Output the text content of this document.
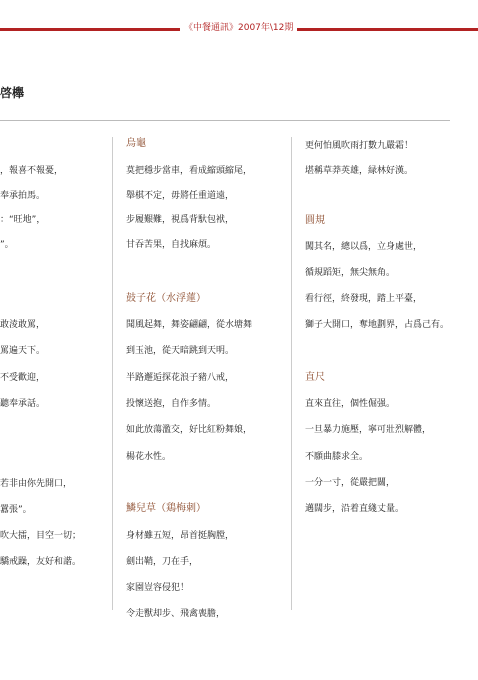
《中餐通訊》2007年\12期
啓櫸
，報喜不報憂，
奉承拍馬。
：“旺地”，
”。
敢淩敢罵，
罵遍天下。
不受歡迎，
聽奉承話。
若非由你先開口，
囂張”。
吹大擂，目空一切；
驕戒躁，友好和諧。
烏龜
莫把穩步當車，看成縮頭縮尾，
舉棋不定，毋將任重道遠，
步履艱難，視爲背馱包袱，
甘吞苦果，自找麻煩。
鼓子花（水浮蓮）
聞風起舞，舞姿翩翩，從水塘舞
到玉池，從天暗跳到天明。
半路邂逅探花浪子豬八戒，
投懷送抱，自作多情。
如此放蕩濫交，好比紅粉舞娘，
楊花水性。
鱗兒草（鶏梅刺）
身材雖五短，昂首挺胸膛，
劍出鞘，刀在手，
家園豈容侵犯！
令走獸却步、飛禽喪膽，
更何怕風吹雨打數九嚴霜！
堪稱草莽英雄，緑林好漢。
圓規
闖其名，總以爲，立身處世，
循規蹈矩，無尖無角。
看行徑，終發現，踏上平臺，
獅子大開口，奪地劃界，占爲己有。
直尺
直來直往，個性倔强。
一旦暴力施壓，寧可壯烈解體，
不願曲膝求全。
一分一寸，從嚴把關，
邁闊步，沿着直綫丈量。
